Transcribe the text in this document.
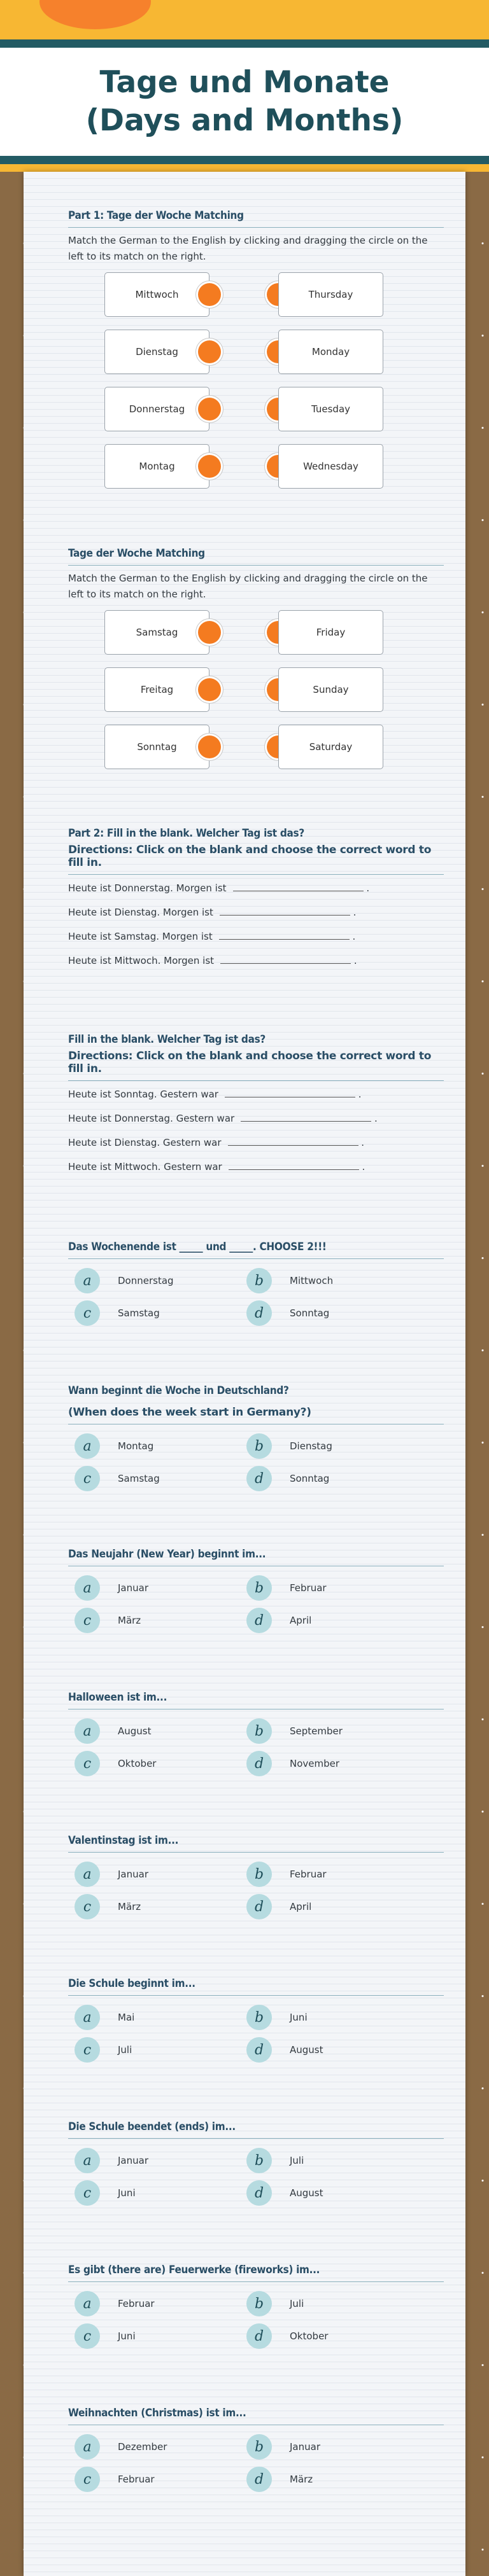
Tage und Monate (Days and Months)
Part 1: Tage der Woche Matching
Match the German to the English by clicking and dragging the circle on the left to its match on the right.
Mittwoch	Thursday
Dienstag	Monday
Donnerstag	Tuesday
Montag	Wednesday
Tage der Woche Matching
Match the German to the English by clicking and dragging the circle on the left to its match on the right.
Samstag	Friday
Freitag	Sunday
Sonntag	Saturday
Part 2: Fill in the blank. Welcher Tag ist das?
Directions: Click on the blank and choose the correct word to fill in.
Heute ist Donnerstag. Morgen ist	.
Heute ist Dienstag. Morgen ist	.
Heute ist Samstag. Morgen ist	.
Heute ist Mittwoch. Morgen ist	.
Fill in the blank. Welcher Tag ist das?
Directions: Click on the blank and choose the correct word to fill in.
Heute ist Sonntag. Gestern war	.
Heute ist Donnerstag. Gestern war	.
Heute ist Dienstag. Gestern war	.
Heute ist Mittwoch. Gestern war	.
Das Wochenende ist _____ und _____. CHOOSE 2!!!
a	Donnerstag	b	Mittwoch
c	Samstag	d	Sonntag
Wann beginnt die Woche in Deutschland?
(When does the week start in Germany?)
a	Montag	b	Dienstag
c	Samstag	d	Sonntag
Das Neujahr (New Year) beginnt im...
a	Januar	b	Februar
c	März	d	April
Halloween ist im...
a	August	b	September
c	Oktober	d	November
Valentinstag ist im...
a	Januar	b	Februar
c	März	d	April
Die Schule beginnt im...
a	Mai	b	Juni
c	Juli	d	August
Die Schule beendet (ends) im...
a	Januar	b	Juli
c	Juni	d	August
Es gibt (there are) Feuerwerke (fireworks) im...
a	Februar	b	Juli
c	Juni	d	Oktober
Weihnachten (Christmas) ist im...
a	Dezember	b	Januar
c	Februar	d	März
